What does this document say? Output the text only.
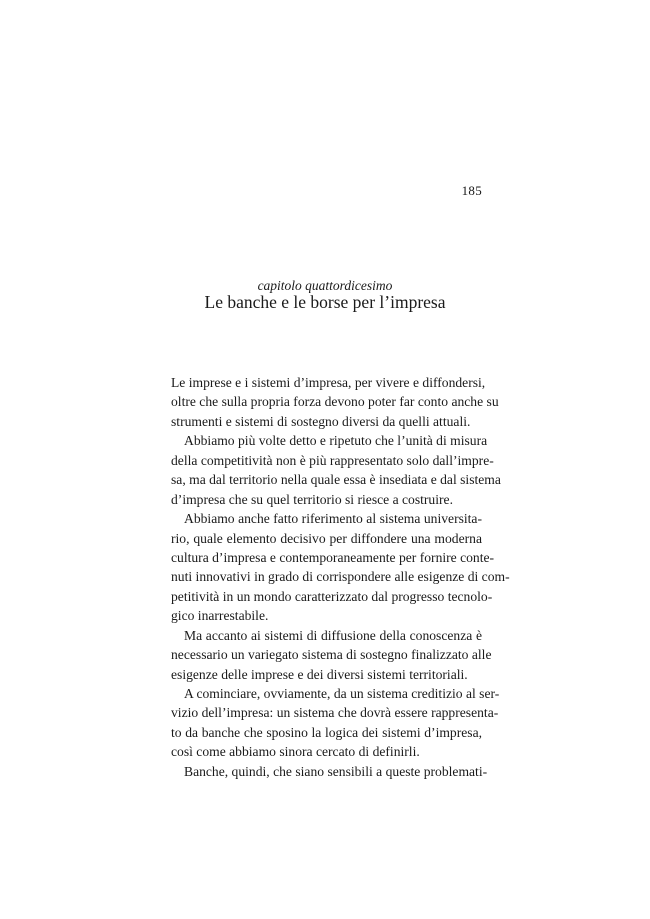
185
capitolo quattordicesimo
Le banche e le borse per l’impresa
Le imprese e i sistemi d’impresa, per vivere e diffondersi,
oltre che sulla propria forza devono poter far conto anche su
strumenti e sistemi di sostegno diversi da quelli attuali.
Abbiamo più volte detto e ripetuto che l’unità di misura
della competitività non è più rappresentato solo dall’impre-
sa, ma dal territorio nella quale essa è insediata e dal sistema
d’impresa che su quel territorio si riesce a costruire.
Abbiamo anche fatto riferimento al sistema universita-
rio, quale elemento decisivo per diffondere una moderna
cultura d’impresa e contemporaneamente per fornire conte-
nuti innovativi in grado di corrispondere alle esigenze di com-
petitività in un mondo caratterizzato dal progresso tecnolo-
gico inarrestabile.
Ma accanto ai sistemi di diffusione della conoscenza è
necessario un variegato sistema di sostegno finalizzato alle
esigenze delle imprese e dei diversi sistemi territoriali.
A cominciare, ovviamente, da un sistema creditizio al ser-
vizio dell’impresa: un sistema che dovrà essere rappresenta-
to da banche che sposino la logica dei sistemi d’impresa,
così come abbiamo sinora cercato di definirli.
Banche, quindi, che siano sensibili a queste problemati-
